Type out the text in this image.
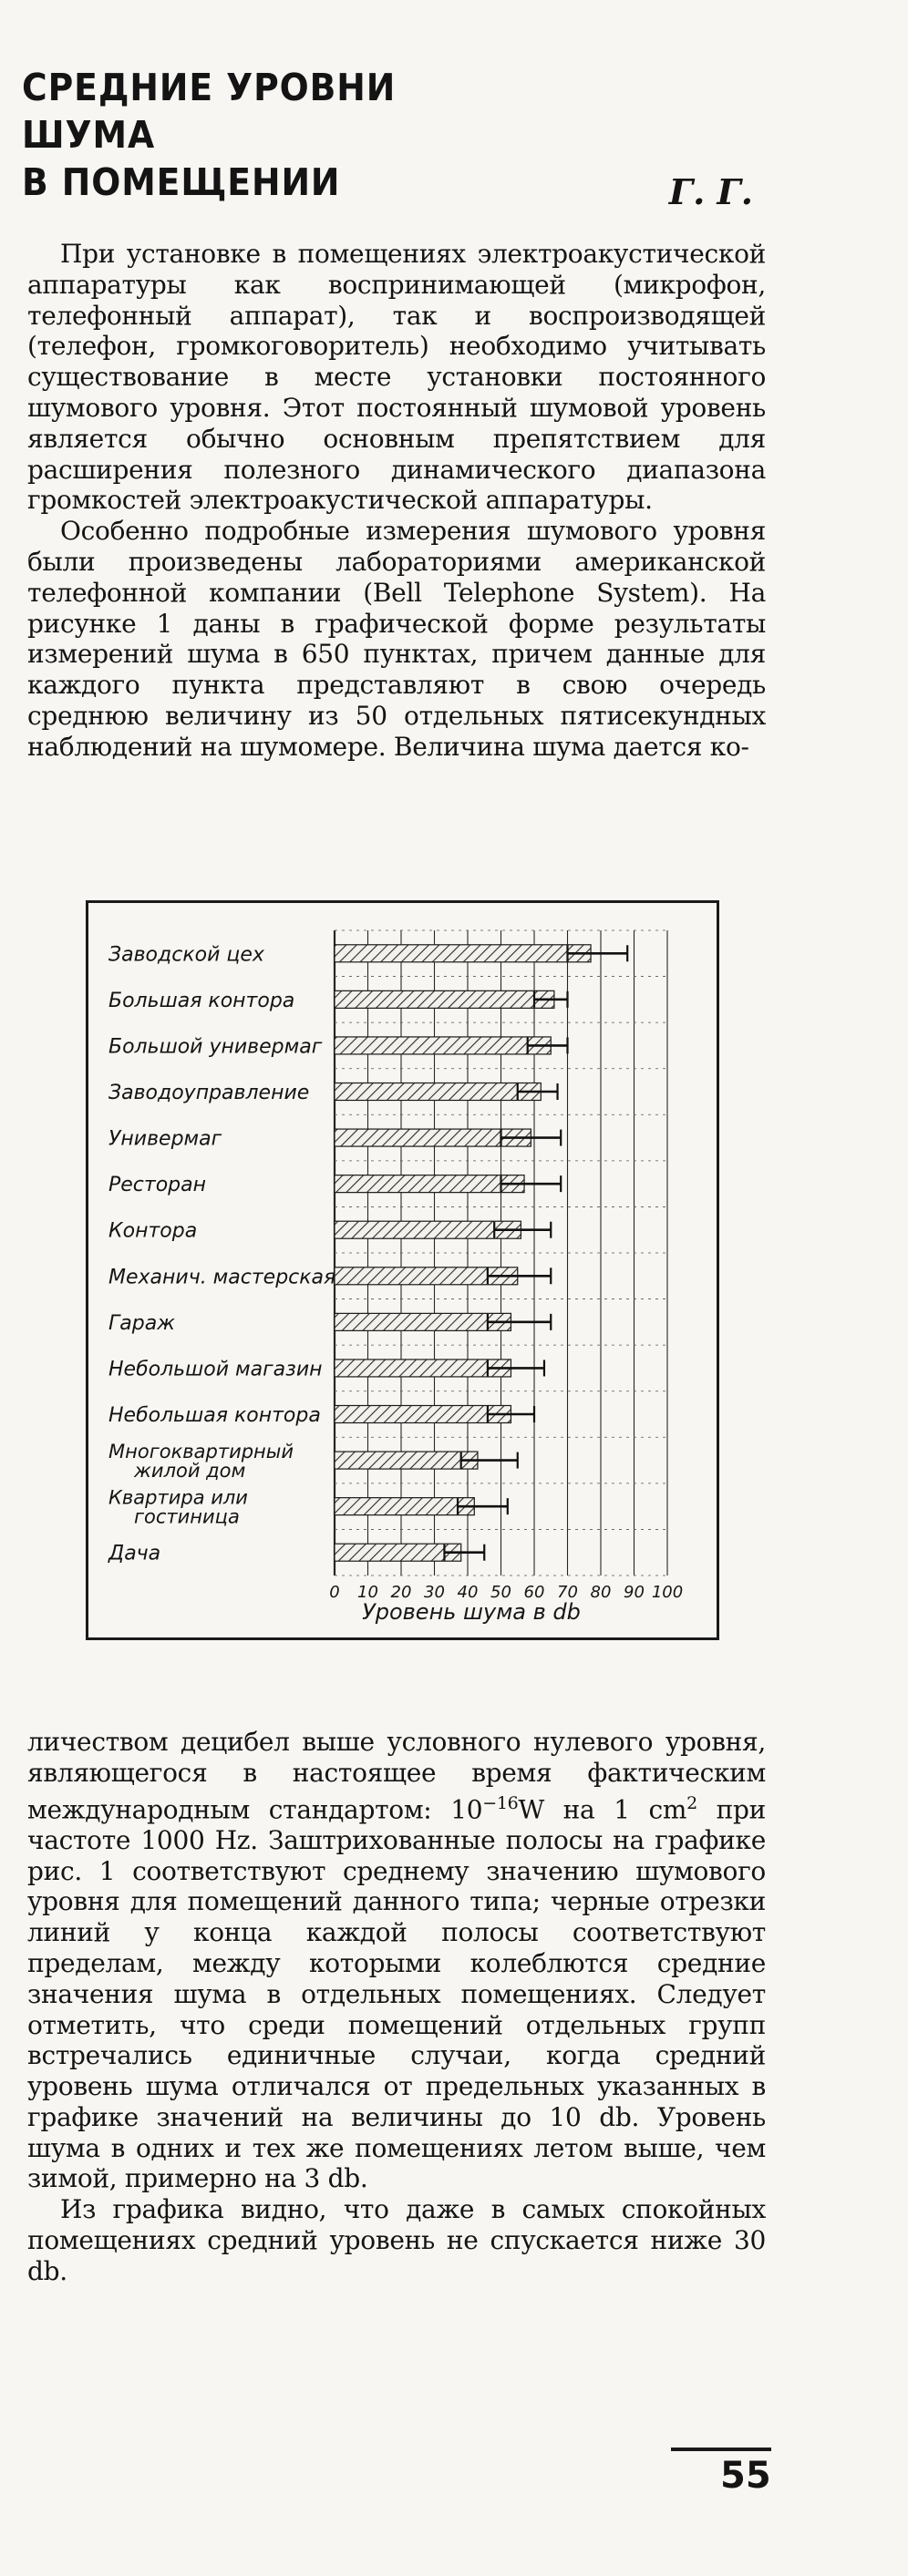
СРЕДНИЕ УРОВНИ ШУМА
В ПОМЕЩЕНИИ	Г. Г.

При установке в помещениях электроакустической аппаратуры как воспринимающей (микрофон, телефонный аппарат), так и воспроизводящей (телефон, громкоговоритель) необходимо учитывать существование в месте установки постоянного шумового уровня. Этот постоянный шумовой уровень является обычно основным препятствием для расширения полезного динамического диапазона громкостей электроакустической аппаратуры.

Особенно подробные измерения шумового уровня были произведены лабораториями американской телефонной компании (Bell Telephone System). На рисунке 1 даны в графической форме результаты измерений шума в 650 пунктах, причем данные для каждого пункта представляют в свою очередь среднюю величину из 50 отдельных пятисекундных наблюдений на шумомере. Величина шума дается ко-

Заводской цех
Большая контора
Большой универмаг
Заводоуправление
Универмаг
Ресторан
Контора
Механич. мастерская
Гараж
Небольшой магазин
Небольшая контора
Многоквартирный жилой дом
Квартира или гостиница
Дача
0 10 20 30 40 50 60 70 80 90 100
Уровень шума в db

личеством децибел выше условного нулевого уровня, являющегося в настоящее время фактическим международным стандартом: $10^{-16}W$ на 1 $cm^2$ при частоте 1000 Hz. Заштрихованные полосы на графике рис. 1 соответствуют среднему значению шумового уровня для помещений данного типа; черные отрезки линий у конца каждой полосы соответствуют пределам, между которыми колеблются средние значения шума в отдельных помещениях. Следует отметить, что среди помещений отдельных групп встречались единичные случаи, когда средний уровень шума отличался от предельных указанных в графике значений на величины до 10 db. Уровень шума в одних и тех же помещениях летом выше, чем зимой, примерно на 3 db.

Из графика видно, что даже в самых спокойных помещениях средний уровень не спускается ниже 30 db.

55
